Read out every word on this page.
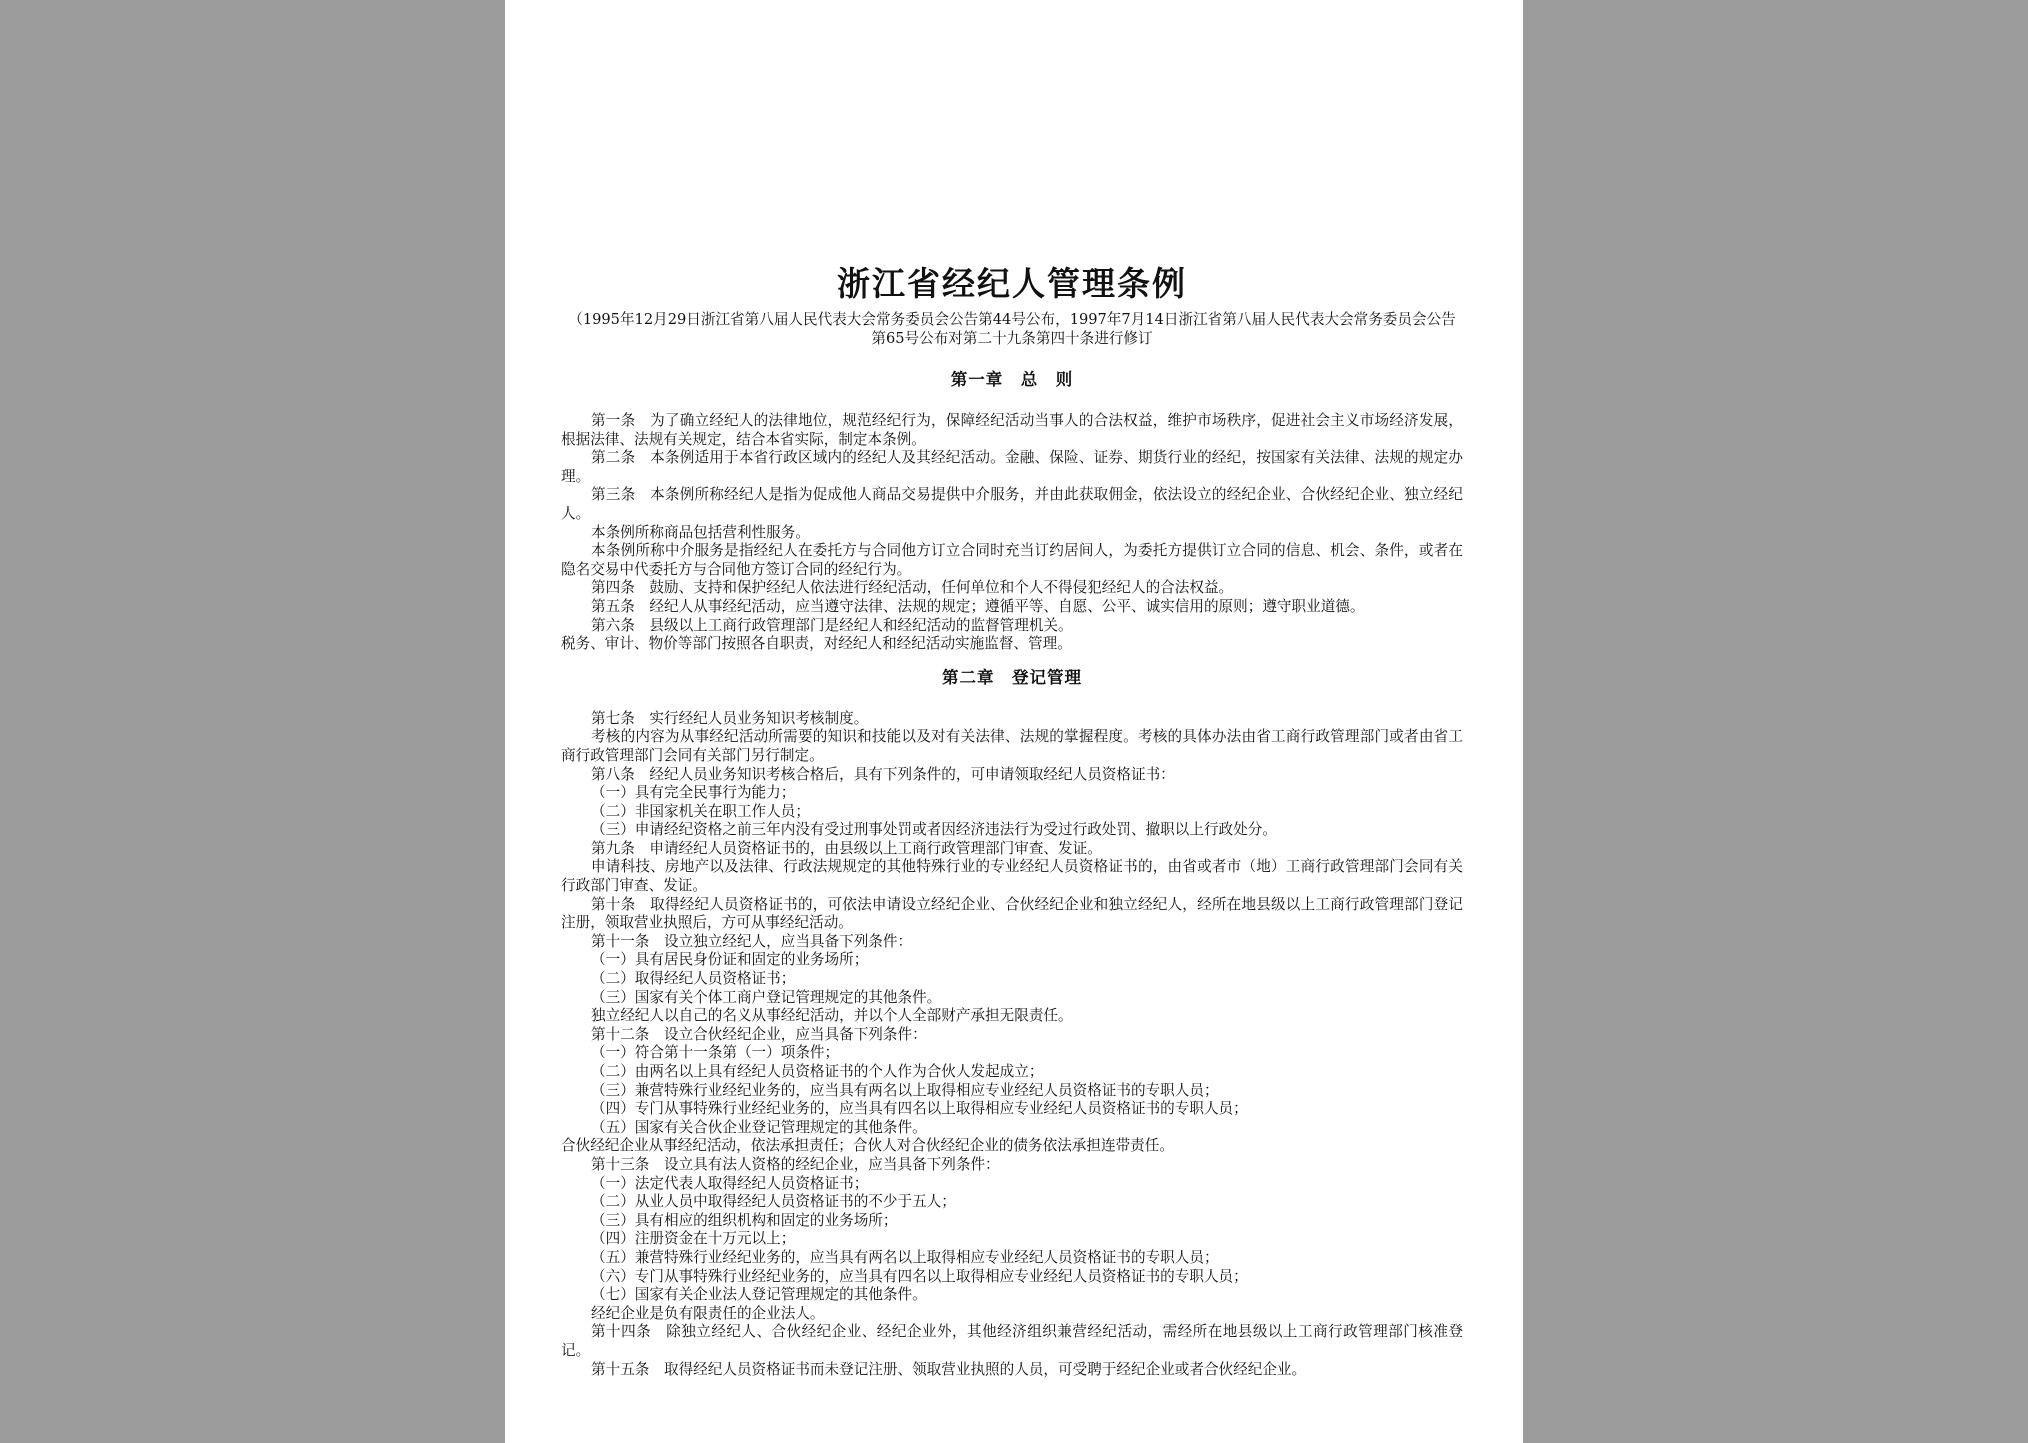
浙江省经纪人管理条例

（1995年12月29日浙江省第八届人民代表大会常务委员会公告第44号公布，1997年7月14日浙江省第八届人民代表大会常务委员会公告第65号公布对第二十九条第四十条进行修订

第一章　总　则

第一条　为了确立经纪人的法律地位，规范经纪行为，保障经纪活动当事人的合法权益，维护市场秩序，促进社会主义市场经济发展，根据法律、法规有关规定，结合本省实际，制定本条例。

第二条　本条例适用于本省行政区域内的经纪人及其经纪活动。金融、保险、证券、期货行业的经纪，按国家有关法律、法规的规定办理。

第三条　本条例所称经纪人是指为促成他人商品交易提供中介服务，并由此获取佣金，依法设立的经纪企业、合伙经纪企业、独立经纪人。

本条例所称商品包括营利性服务。

本条例所称中介服务是指经纪人在委托方与合同他方订立合同时充当订约居间人，为委托方提供订立合同的信息、机会、条件，或者在隐名交易中代委托方与合同他方签订合同的经纪行为。

第四条　鼓励、支持和保护经纪人依法进行经纪活动，任何单位和个人不得侵犯经纪人的合法权益。

第五条　经纪人从事经纪活动，应当遵守法律、法规的规定；遵循平等、自愿、公平、诚实信用的原则；遵守职业道德。

第六条　县级以上工商行政管理部门是经纪人和经纪活动的监督管理机关。

税务、审计、物价等部门按照各自职责，对经纪人和经纪活动实施监督、管理。

第二章　登记管理

第七条　实行经纪人员业务知识考核制度。

考核的内容为从事经纪活动所需要的知识和技能以及对有关法律、法规的掌握程度。考核的具体办法由省工商行政管理部门或者由省工商行政管理部门会同有关部门另行制定。

第八条　经纪人员业务知识考核合格后，具有下列条件的，可申请领取经纪人员资格证书：

（一）具有完全民事行为能力；

（二）非国家机关在职工作人员；

（三）申请经纪资格之前三年内没有受过刑事处罚或者因经济违法行为受过行政处罚、撤职以上行政处分。

第九条　申请经纪人员资格证书的，由县级以上工商行政管理部门审查、发证。

申请科技、房地产以及法律、行政法规规定的其他特殊行业的专业经纪人员资格证书的，由省或者市（地）工商行政管理部门会同有关行政部门审查、发证。

第十条　取得经纪人员资格证书的，可依法申请设立经纪企业、合伙经纪企业和独立经纪人，经所在地县级以上工商行政管理部门登记注册，领取营业执照后，方可从事经纪活动。

第十一条　设立独立经纪人，应当具备下列条件：

（一）具有居民身份证和固定的业务场所；

（二）取得经纪人员资格证书；

（三）国家有关个体工商户登记管理规定的其他条件。

独立经纪人以自己的名义从事经纪活动，并以个人全部财产承担无限责任。

第十二条　设立合伙经纪企业，应当具备下列条件：

（一）符合第十一条第（一）项条件；

（二）由两名以上具有经纪人员资格证书的个人作为合伙人发起成立；

（三）兼营特殊行业经纪业务的，应当具有两名以上取得相应专业经纪人员资格证书的专职人员；

（四）专门从事特殊行业经纪业务的，应当具有四名以上取得相应专业经纪人员资格证书的专职人员；

（五）国家有关合伙企业登记管理规定的其他条件。

合伙经纪企业从事经纪活动，依法承担责任；合伙人对合伙经纪企业的债务依法承担连带责任。

第十三条　设立具有法人资格的经纪企业，应当具备下列条件：

（一）法定代表人取得经纪人员资格证书；

（二）从业人员中取得经纪人员资格证书的不少于五人；

（三）具有相应的组织机构和固定的业务场所；

（四）注册资金在十万元以上；

（五）兼营特殊行业经纪业务的，应当具有两名以上取得相应专业经纪人员资格证书的专职人员；

（六）专门从事特殊行业经纪业务的，应当具有四名以上取得相应专业经纪人员资格证书的专职人员；

（七）国家有关企业法人登记管理规定的其他条件。

经纪企业是负有限责任的企业法人。

第十四条　除独立经纪人、合伙经纪企业、经纪企业外，其他经济组织兼营经纪活动，需经所在地县级以上工商行政管理部门核准登记。

第十五条　取得经纪人员资格证书而未登记注册、领取营业执照的人员，可受聘于经纪企业或者合伙经纪企业。
